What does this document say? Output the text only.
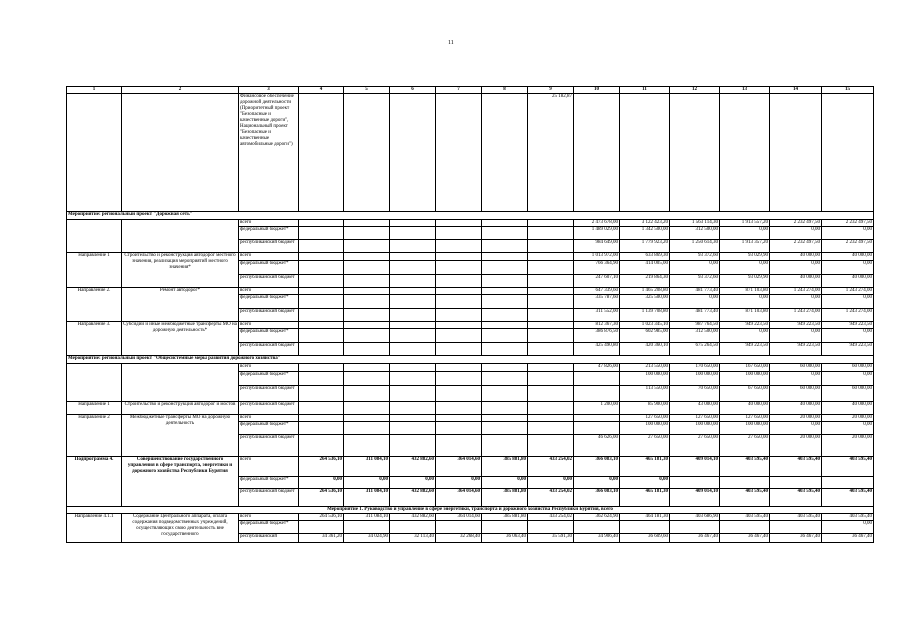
11
1	2	3	4	5	6	7	8	9	10	11	12	13	14	15
		Финансовое обеспечение дорожной деятельности (Приоритетный проект "Безопасные и качественные дороги", Национальный проект "Безопасные и качественные автомобильные дороги")						25 182,87						
Мероприятие: региональный проект "Дорожная сеть"														
		всего							2 473 678,00	3 122 423,20	1 563 114,30	1 913 557,20	2 232 497,50	2 232 497,50
		федеральный бюджет*							1 489 029,00	1 342 500,00	312 500,00	0,00	0,00	0,00
		республиканский бюджет							984 649,00	1 779 923,20	1 250 614,30	1 913 357,20	2 232 497,50	2 232 497,50
Направление 1	Строительство и реконструкция автодорог местного значения, реализация мероприятий местного значения*	всего							1 013 972,00	633 869,30	93 372,60	93 029,90	40 000,00	40 000,00
		федеральный бюджет*							766 364,90	414 005,00	0,00	0,00	0,00	0,00
		республиканский бюджет							247 607,10	219 864,30	93 372,60	93 029,90	40 000,00	40 000,00
Направление 2.	Ремонт автодорог*	всего							647 339,60	1 465 208,80	481 773,40	871 103,80	1 243 274,00	1 243 274,00
		федеральный бюджет*							335 787,60	325 500,00	0,00	0,00	0,00	0,00
		республиканский бюджет							311 552,00	1 139 708,80	481 773,40	871 103,80	1 243 274,00	1 243 274,00
Направление 3.	Субсидии и иные межбюджетные трансферты МО на дорожную деятельность*	всего							812 367,30	1 023 345,10	987 764,50	949 223,50	949 223,50	949 223,50
		федеральный бюджет*							386 876,50	602 985,00	312 500,00	0,00	0,00	0,00
		республиканский бюджет							425 490,80	420 360,10	675 264,50	949 223,50	949 223,50	949 223,50
Мероприятие: региональный проект "Общесистемные меры развития дорожного хозяйства"														
		всего							47 826,00	213 550,00	170 650,00	167 650,00	60 000,00	60 000,00
		федеральный бюджет*								100 000,00	100 000,00	100 000,00	0,00	0,00
		республиканский бюджет								113 550,00	70 650,00	67 650,00	60 000,00	60 000,00
Направление 1	Строительство и реконструкция автодорог и мостов	республиканский бюджет							1 200,00	85 900,00	43 000,00	40 000,00	40 000,00	40 000,00
Направление 2	Межбюджетные трансферты МО на дорожную деятельность	всего								127 650,00	127 650,00	127 650,00	20 000,00	20 000,00
		федеральный бюджет*								100 000,00	100 000,00	100 000,00	0,00	0,00
		республиканский бюджет							46 626,00	27 650,00	27 650,00	27 650,00	20 000,00	20 000,00
Подпрограмма 4.	Совершенствование государственного управления в сфере транспорта, энергетики и дорожного хозяйства Республики Бурятия	всего	264 536,10	311 084,10	432 882,60	364 014,60	385 881,80	433 254,02	366 083,10	465 181,30	409 014,10	403 595,40	403 595,40	403 595,40
		федеральный бюджет*	0,00	0,00	0,00	0,00	0,00	0,00	0,00	0,00				
		республиканский бюджет	264 536,10	311 084,10	432 882,60	364 014,60	385 881,80	433 254,02	366 083,10	465 181,30	409 014,10	403 595,40	403 595,40	403 595,40
Мероприятие 1. Руководство и управление в сфере энергетики, транспорта и дорожного хозяйства Республики Бурятия, всего														
Направление 4.1.1	Содержание Центрального аппарата, оплата содержания подведомственных учреждений, осуществляющих свою деятельность вне государственного	всего	264 536,10	311 084,10	432 882,60	364 014,60	385 881,80	433 254,02	362 624,90	464 181,30	403 686,90	403 595,40	403 595,40	403 595,40
		федеральный бюджет*												0,00
		республиканский	34 361,20	34 024,90	32 113,40	32 268,40	36 063,40	35 591,30	34 906,40	36 609,60	36 467,40	36 467,40	36 467,40	36 467,40
